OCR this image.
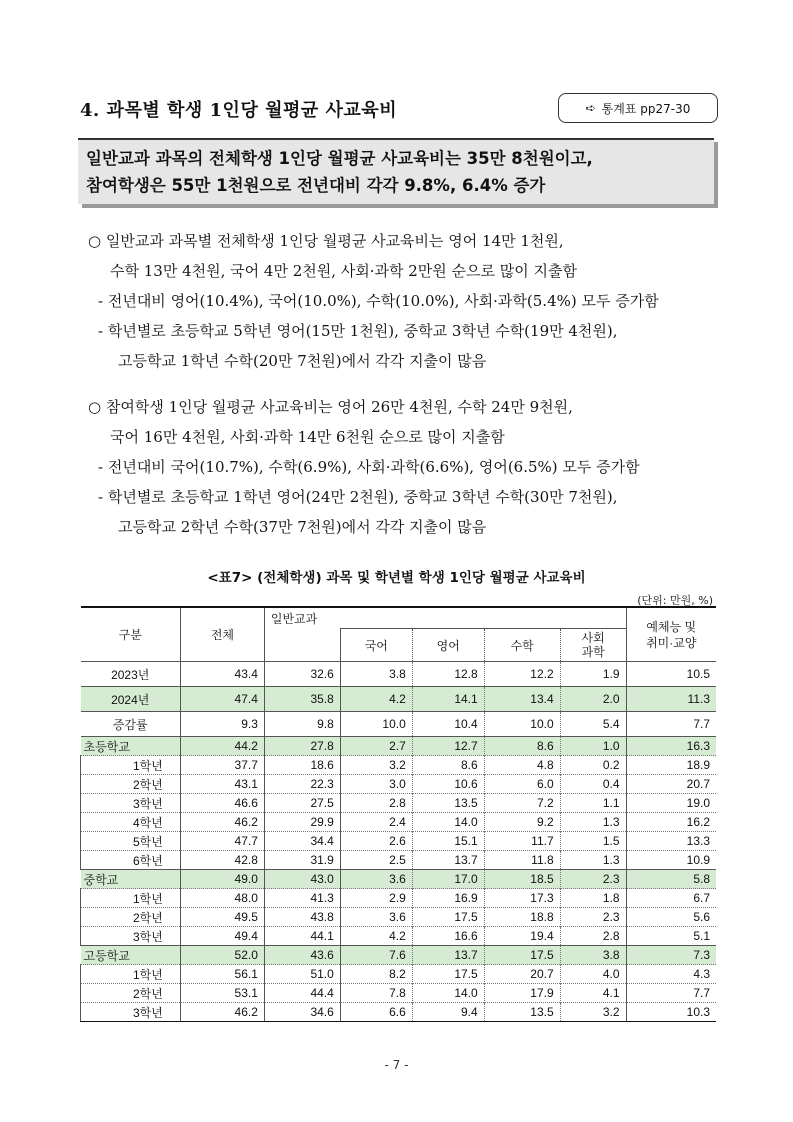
4. 과목별 학생 1인당 월평균 사교육비	➪ 통계표 pp27-30
일반교과 과목의 전체학생 1인당 월평균 사교육비는 35만 8천원이고,
참여학생은 55만 1천원으로 전년대비 각각 9.8%, 6.4% 증가
○ 일반교과 과목별 전체학생 1인당 월평균 사교육비는 영어 14만 1천원,
수학 13만 4천원, 국어 4만 2천원, 사회·과학 2만원 순으로 많이 지출함
- 전년대비 영어(10.4%), 국어(10.0%), 수학(10.0%), 사회·과학(5.4%) 모두 증가함
- 학년별로 초등학교 5학년 영어(15만 1천원), 중학교 3학년 수학(19만 4천원),
고등학교 1학년 수학(20만 7천원)에서 각각 지출이 많음
○ 참여학생 1인당 월평균 사교육비는 영어 26만 4천원, 수학 24만 9천원,
국어 16만 4천원, 사회·과학 14만 6천원 순으로 많이 지출함
- 전년대비 국어(10.7%), 수학(6.9%), 사회·과학(6.6%), 영어(6.5%) 모두 증가함
- 학년별로 초등학교 1학년 영어(24만 2천원), 중학교 3학년 수학(30만 7천원),
고등학교 2학년 수학(37만 7천원)에서 각각 지출이 많음
<표7> (전체학생) 과목 및 학년별 학생 1인당 월평균 사교육비
(단위: 만원, %)
구분	전체	일반교과					예체능 및
취미·교양

			국어	영어	수학	사회
과학	

2023년	43.4	32.6	3.8	12.8	12.2	1.9	10.5
2024년	47.4	35.8	4.2	14.1	13.4	2.0	11.3
증감률	9.3	9.8	10.0	10.4	10.0	5.4	7.7
초등학교	44.2	27.8	2.7	12.7	8.6	1.0	16.3
1학년	37.7	18.6	3.2	8.6	4.8	0.2	18.9
2학년	43.1	22.3	3.0	10.6	6.0	0.4	20.7
3학년	46.6	27.5	2.8	13.5	7.2	1.1	19.0
4학년	46.2	29.9	2.4	14.0	9.2	1.3	16.2
5학년	47.7	34.4	2.6	15.1	11.7	1.5	13.3
6학년	42.8	31.9	2.5	13.7	11.8	1.3	10.9
중학교	49.0	43.0	3.6	17.0	18.5	2.3	5.8
1학년	48.0	41.3	2.9	16.9	17.3	1.8	6.7
2학년	49.5	43.8	3.6	17.5	18.8	2.3	5.6
3학년	49.4	44.1	4.2	16.6	19.4	2.8	5.1
고등학교	52.0	43.6	7.6	13.7	17.5	3.8	7.3
1학년	56.1	51.0	8.2	17.5	20.7	4.0	4.3
2학년	53.1	44.4	7.8	14.0	17.9	4.1	7.7
3학년	46.2	34.6	6.6	9.4	13.5	3.2	10.3
- 7 -
